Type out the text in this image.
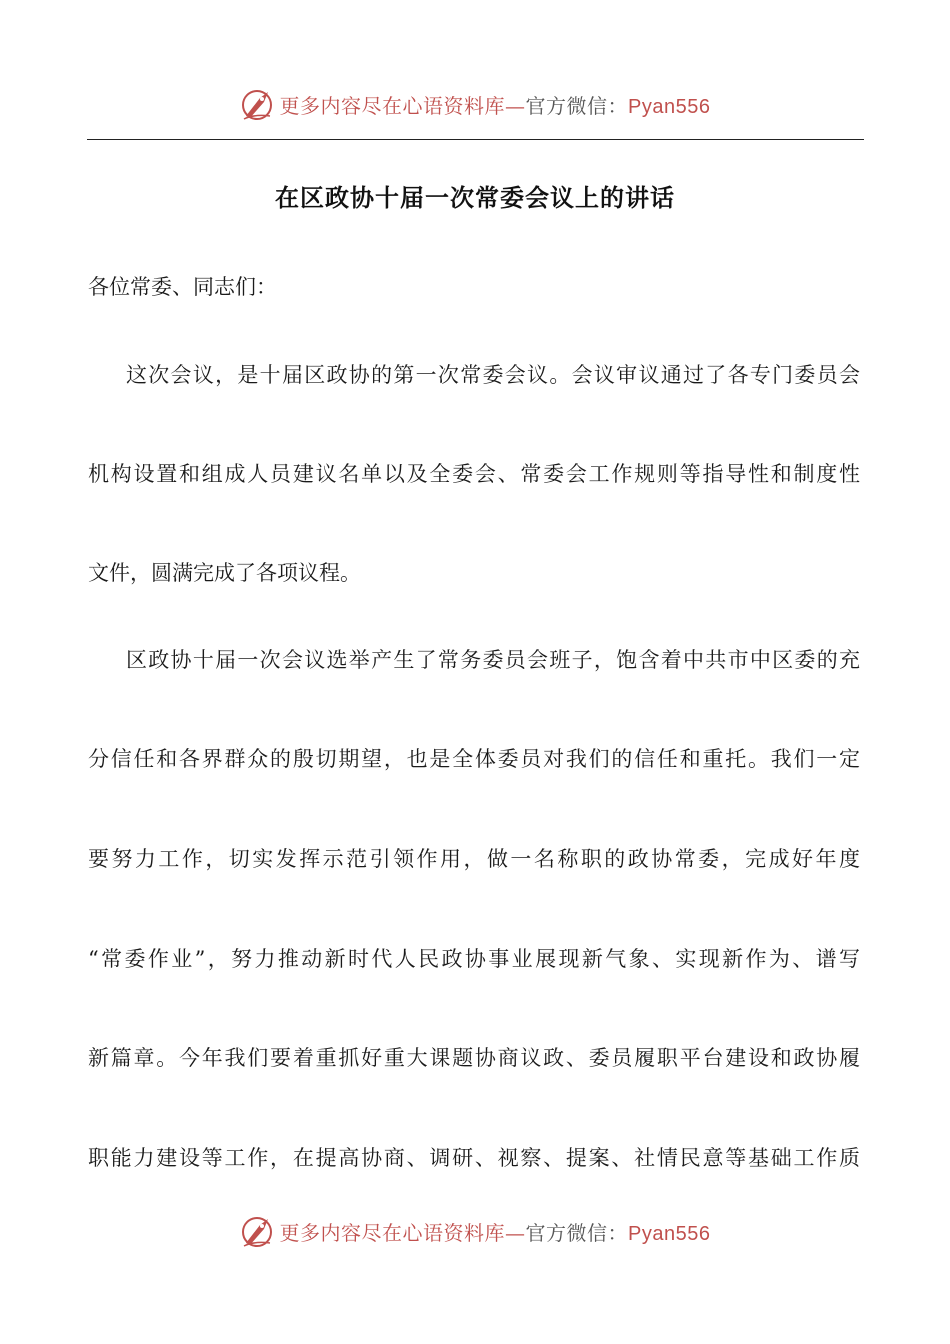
更多内容尽在心语资料库—官方微信：Pyan556
在区政协十届一次常委会议上的讲话
各位常委、同志们：
这次会议，是十届区政协的第一次常委会议。会议审议通过了各专门委员会
机构设置和组成人员建议名单以及全委会、常委会工作规则等指导性和制度性
文件，圆满完成了各项议程。
区政协十届一次会议选举产生了常务委员会班子，饱含着中共市中区委的充
分信任和各界群众的殷切期望，也是全体委员对我们的信任和重托。我们一定
要努力工作，切实发挥示范引领作用，做一名称职的政协常委，完成好年度
“常委作业”，努力推动新时代人民政协事业展现新气象、实现新作为、谱写
新篇章。今年我们要着重抓好重大课题协商议政、委员履职平台建设和政协履
职能力建设等工作，在提高协商、调研、视察、提案、社情民意等基础工作质
更多内容尽在心语资料库—官方微信：Pyan556
